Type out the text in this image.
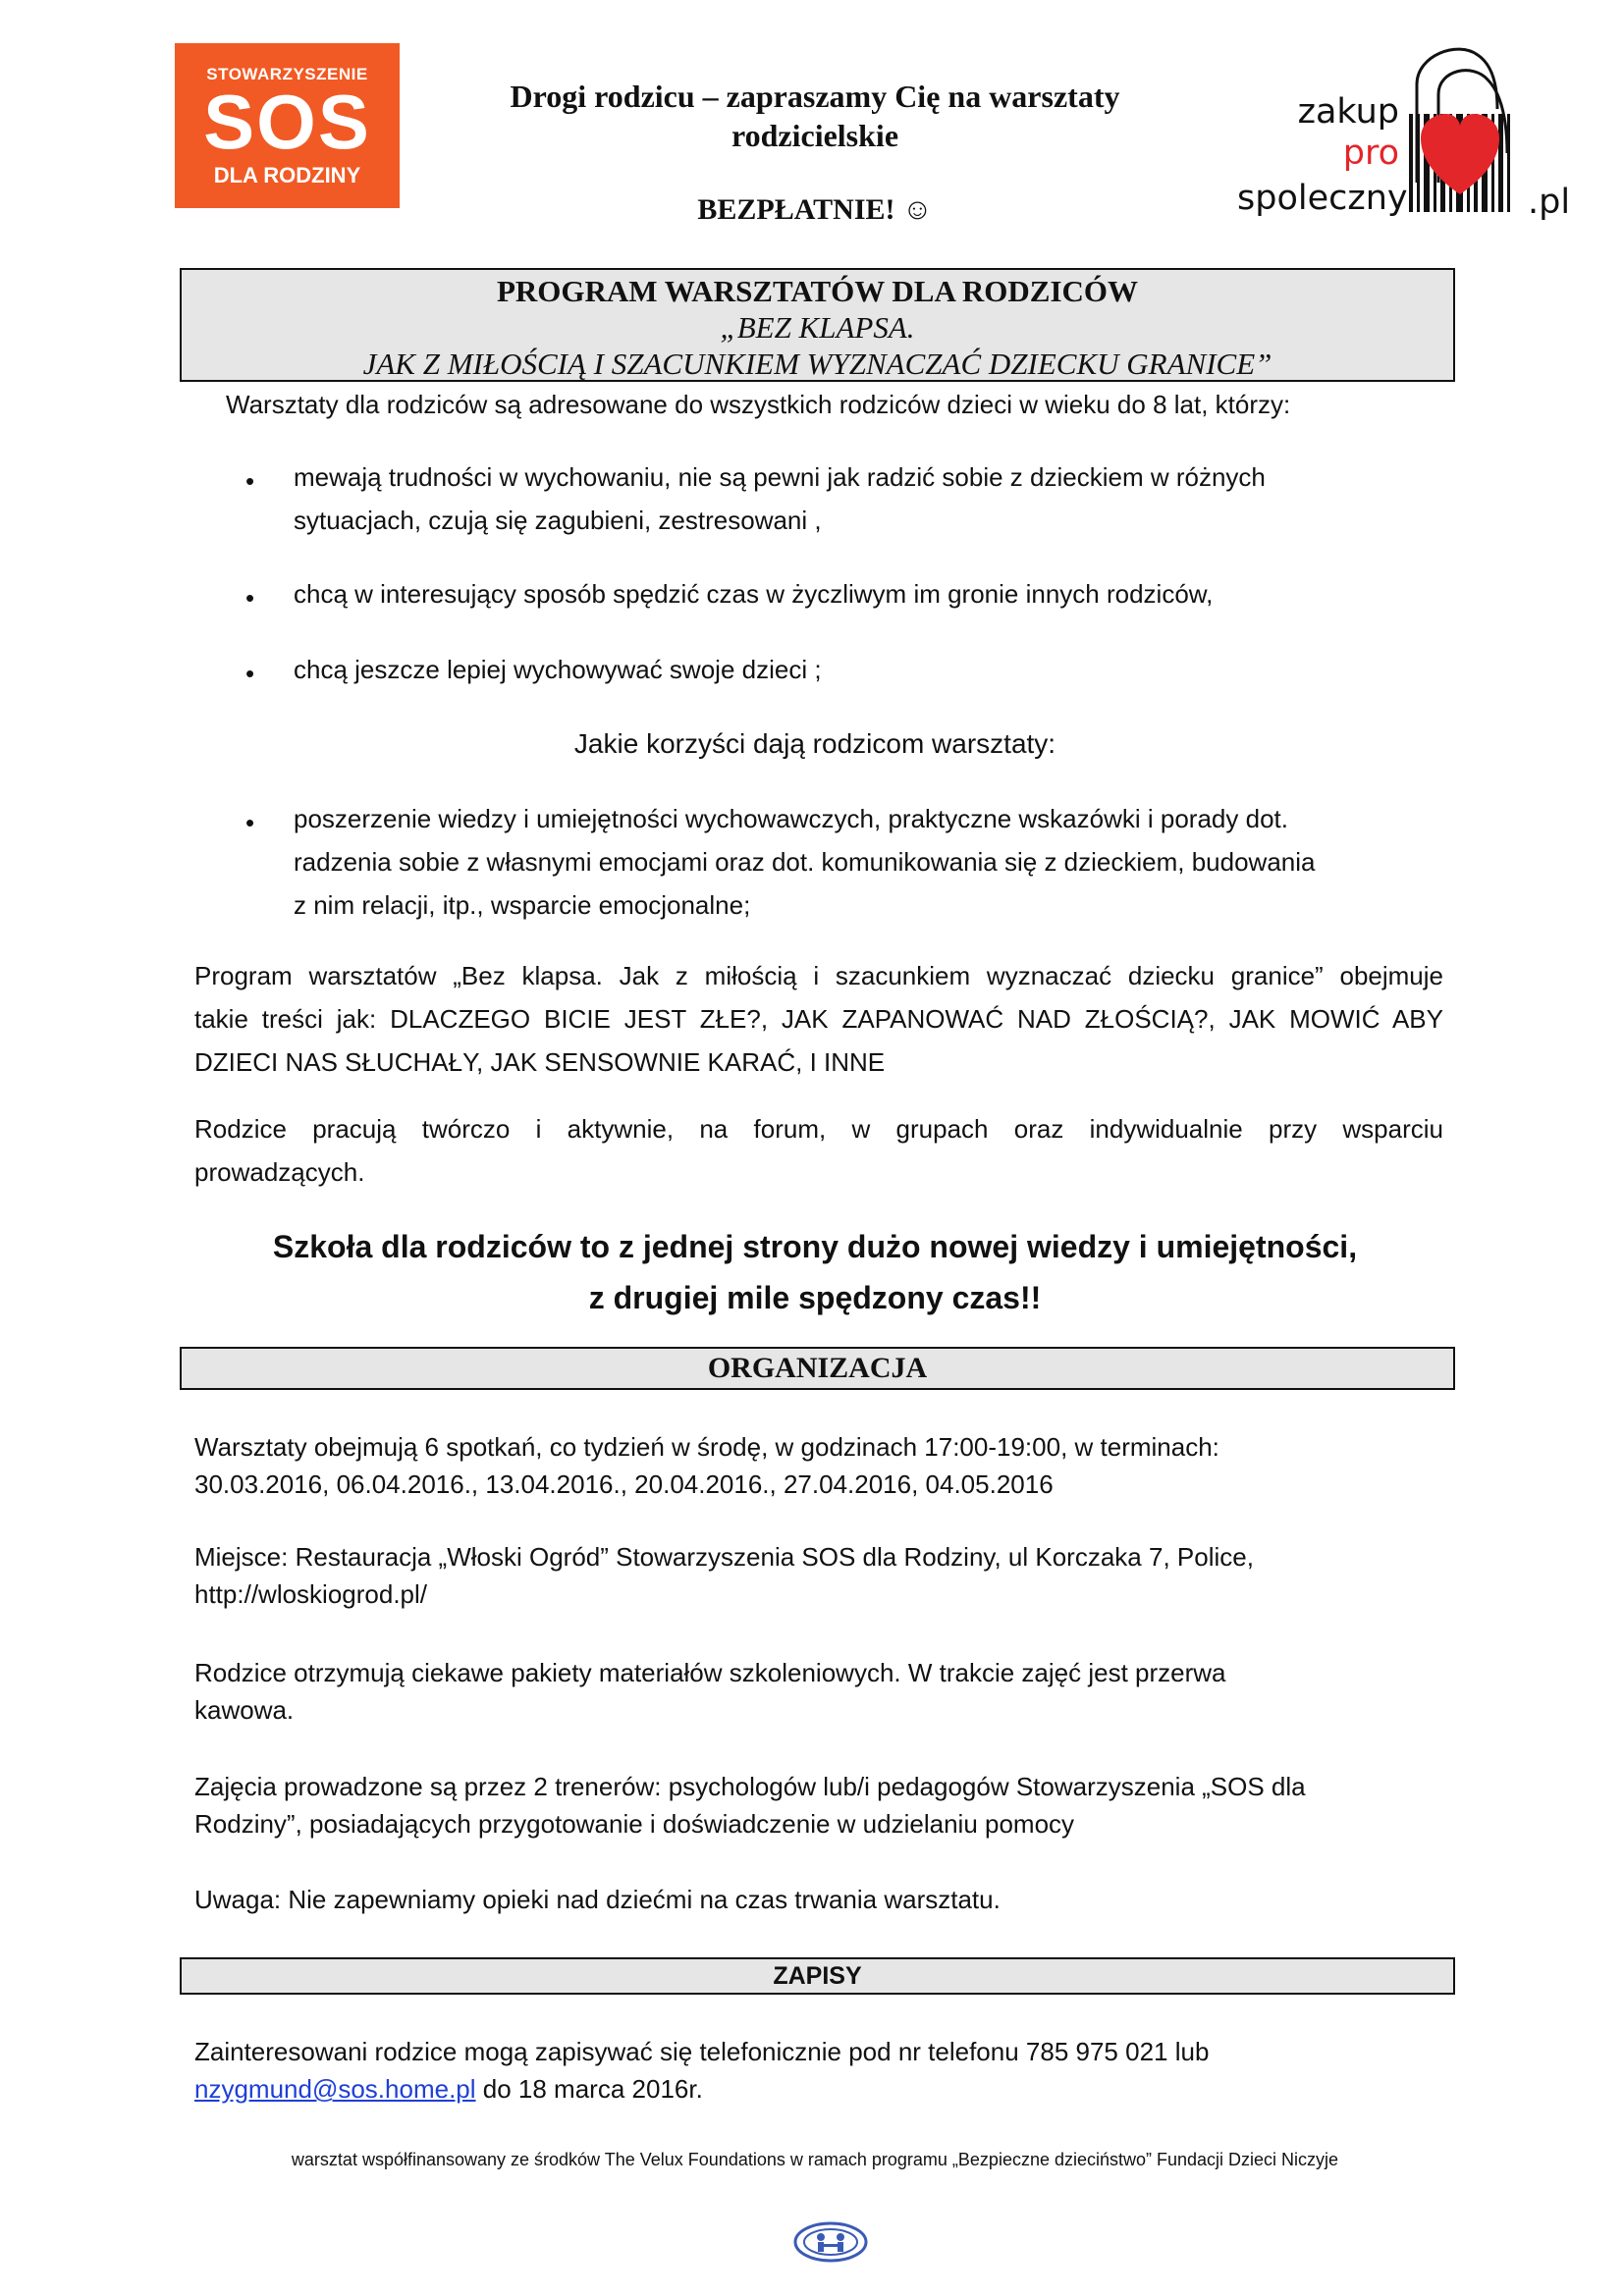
STOWARZYSZENIE
SOS
DLA RODZINY
Drogi rodzicu – zapraszamy Cię na warsztaty
rodzicielskie
BEZPŁATNIE! ☺
zakup
pro
spoleczny	.pl
PROGRAM WARSZTATÓW DLA RODZICÓW
„BEZ KLAPSA.
JAK Z MIŁOŚCIĄ I SZACUNKIEM WYZNACZAĆ DZIECKU GRANICE”
Warsztaty dla rodziców są adresowane do wszystkich rodziców dzieci w wieku do 8 lat, którzy:
• mewają trudności w wychowaniu, nie są pewni jak radzić sobie z dzieckiem w różnych
sytuacjach, czują się zagubieni, zestresowani ,
• chcą w interesujący sposób spędzić czas w życzliwym im gronie innych rodziców,
• chcą jeszcze lepiej wychowywać swoje dzieci ;
Jakie korzyści dają rodzicom warsztaty:
• poszerzenie wiedzy i umiejętności wychowawczych, praktyczne wskazówki i porady dot.
radzenia sobie z własnymi emocjami oraz dot. komunikowania się z dzieckiem, budowania
z nim relacji, itp., wsparcie emocjonalne;
Program warsztatów „Bez klapsa. Jak z miłością i szacunkiem wyznaczać dziecku granice” obejmuje
takie treści jak: DLACZEGO BICIE JEST ZŁE?, JAK ZAPANOWAĆ NAD ZŁOŚCIĄ?, JAK MOWIĆ ABY
DZIECI NAS SŁUCHAŁY, JAK SENSOWNIE KARAĆ, I INNE
Rodzice pracują twórczo i aktywnie, na forum, w grupach oraz indywidualnie przy wsparciu
prowadzących.
Szkoła dla rodziców to z jednej strony dużo nowej wiedzy i umiejętności,
z drugiej mile spędzony czas!!
ORGANIZACJA
Warsztaty obejmują 6 spotkań, co tydzień w środę, w godzinach 17:00-19:00, w terminach:
30.03.2016, 06.04.2016., 13.04.2016., 20.04.2016., 27.04.2016, 04.05.2016
Miejsce: Restauracja „Włoski Ogród” Stowarzyszenia SOS dla Rodziny, ul Korczaka 7, Police,
http://wloskiogrod.pl/
Rodzice otrzymują ciekawe pakiety materiałów szkoleniowych. W trakcie zajęć jest przerwa
kawowa.
Zajęcia prowadzone są przez 2 trenerów: psychologów lub/i pedagogów Stowarzyszenia „SOS dla
Rodziny”, posiadających przygotowanie i doświadczenie w udzielaniu pomocy
Uwaga: Nie zapewniamy opieki nad dziećmi na czas trwania warsztatu.
ZAPISY
Zainteresowani rodzice mogą zapisywać się telefonicznie pod nr telefonu 785 975 021 lub
nzygmund@sos.home.pl do 18 marca 2016r.
warsztat współfinansowany ze środków The Velux Foundations w ramach programu „Bezpieczne dzieciństwo” Fundacji Dzieci Niczyje
